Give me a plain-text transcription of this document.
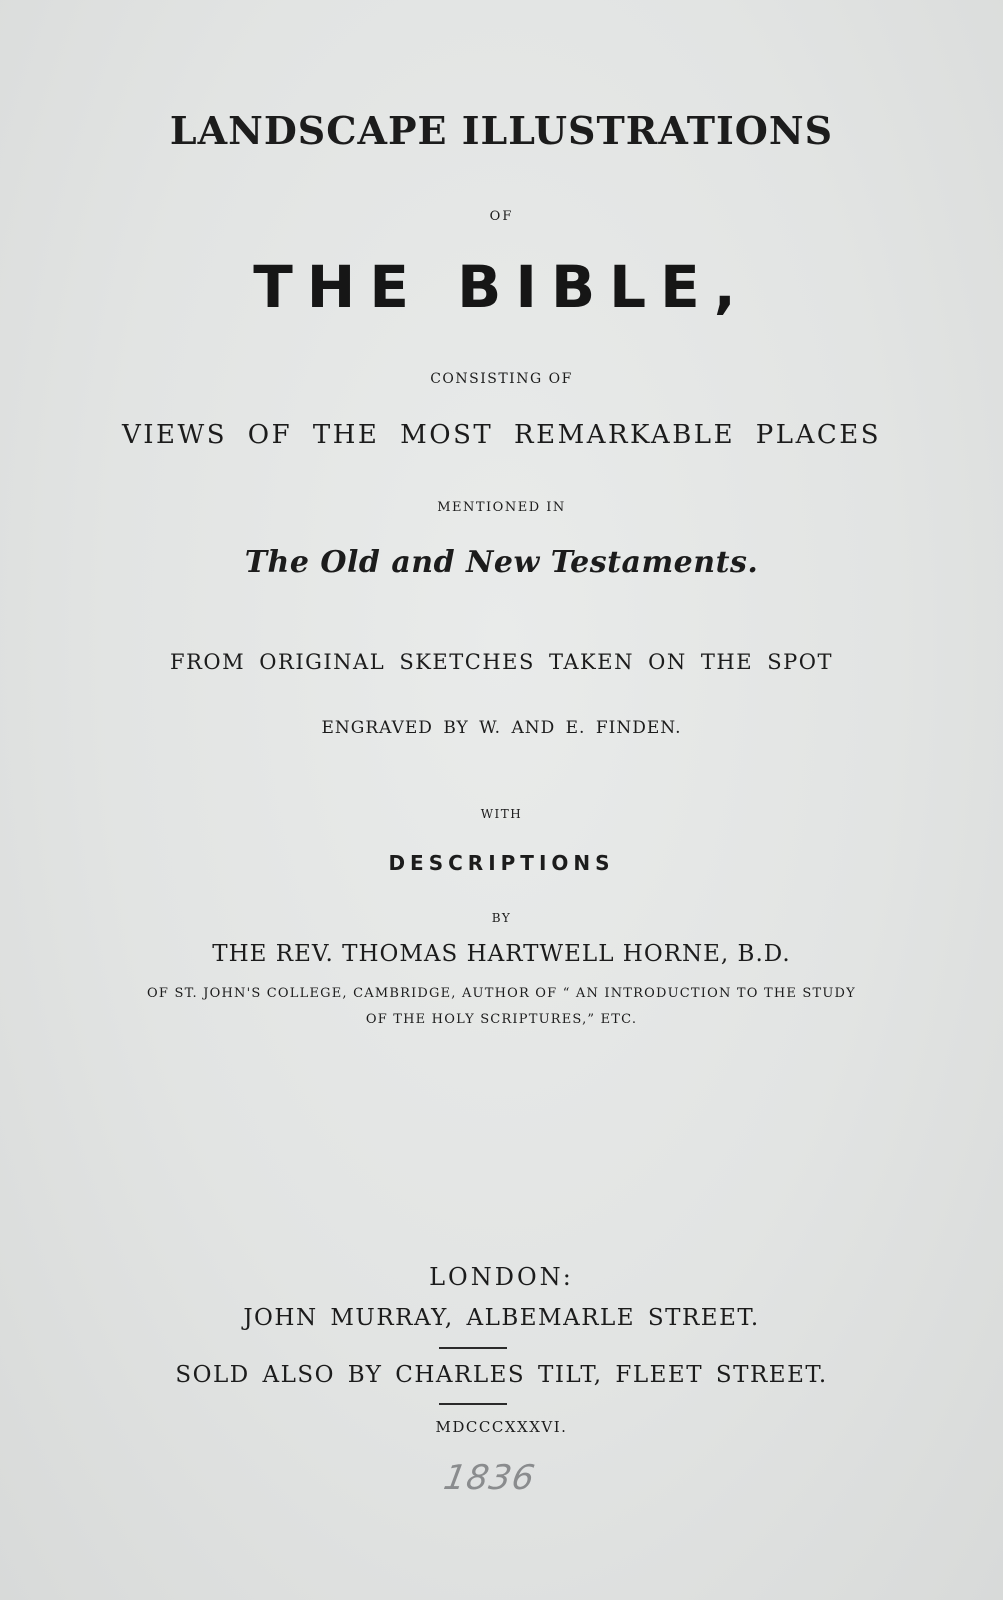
LANDSCAPE ILLUSTRATIONS
OF
THE BIBLE,
CONSISTING OF
VIEWS OF THE MOST REMARKABLE PLACES
MENTIONED IN
The Old and New Testaments.
FROM ORIGINAL SKETCHES TAKEN ON THE SPOT
ENGRAVED BY W. AND E. FINDEN.
WITH
DESCRIPTIONS
BY
THE REV. THOMAS HARTWELL HORNE, B.D.
OF ST. JOHN'S COLLEGE, CAMBRIDGE, AUTHOR OF “ AN INTRODUCTION TO THE STUDY
OF THE HOLY SCRIPTURES,” ETC.
LONDON:
JOHN MURRAY, ALBEMARLE STREET.
SOLD ALSO BY CHARLES TILT, FLEET STREET.
MDCCCXXXVI.
1836
